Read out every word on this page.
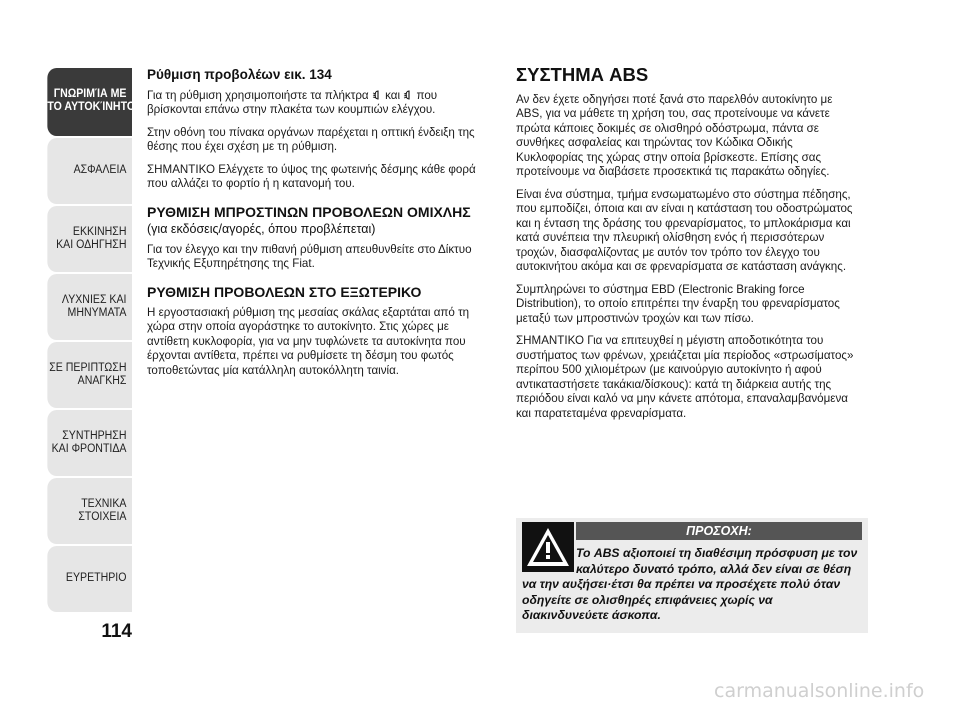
ΓΝΩΡΙΜΊΑ ΜΕ
ΤΟ ΑΥΤΟΚΊΝΗΤΟ
ΑΣΦΑΛΕΙΑ
ΕΚΚΙΝΗΣΗ
ΚΑΙ ΟΔΗΓΗΣΗ
ΛΥΧΝΙΕΣ ΚΑΙ
ΜΗΝΥΜΑΤΑ
ΣΕ ΠΕΡΙΠΤΩΣΗ
ΑΝΑΓΚΗΣ
ΣΥΝΤΗΡΗΣΗ
ΚΑΙ ΦΡΟΝΤΙΔΑ
ΤΕΧΝΙΚΑ
ΣΤΟΙΧΕΙΑ
ΕΥΡΕΤΗΡΙΟ
114
Ρύθμιση προβολέων εικ. 134

Για τη ρύθμιση χρησιμοποιήστε τα πλήκτρα και που βρίσκονται επάνω στην πλακέτα των κουμπιών ελέγχου.

Στην οθόνη του πίνακα οργάνων παρέχεται η οπτική ένδειξη της θέσης που έχει σχέση με τη ρύθμιση.

ΣΗΜΑΝΤΙΚΟ Ελέγχετε το ύψος της φωτεινής δέσμης κάθε φορά που αλλάζει το φορτίο ή η κατανομή του.

ΡΥΘΜΙΣΗ ΜΠΡΟΣΤΙΝΩΝ ΠΡΟΒΟΛΕΩΝ ΟΜΙΧΛΗΣ (για εκδόσεις/αγορές, όπου προβλέπεται)

Για τον έλεγχο και την πιθανή ρύθμιση απευθυνθείτε στο Δίκτυο Τεχνικής Εξυπηρέτησης της Fiat.

ΡΥΘΜΙΣΗ ΠΡΟΒΟΛΕΩΝ ΣΤΟ ΕΞΩΤΕΡΙΚΟ

Η εργοστασιακή ρύθμιση της μεσαίας σκάλας εξαρτάται από τη χώρα στην οποία αγοράστηκε το αυτοκίνητο. Στις χώρες με αντίθετη κυκλοφορία, για να μην τυφλώνετε τα αυτοκίνητα που έρχονται αντίθετα, πρέπει να ρυθμίσετε τη δέσμη του φωτός τοποθετώντας μία κατάλληλη αυτοκόλλητη ταινία.

ΣΥΣΤΗΜΑ ABS

Αν δεν έχετε οδηγήσει ποτέ ξανά στο παρελθόν αυτοκίνητο με ABS, για να μάθετε τη χρήση του, σας προτείνουμε να κάνετε πρώτα κάποιες δοκιμές σε ολισθηρό οδόστρωμα, πάντα σε συνθήκες ασφαλείας και τηρώντας τον Κώδικα Οδικής Κυκλοφορίας της χώρας στην οποία βρίσκεστε. Επίσης σας προτείνουμε να διαβάσετε προσεκτικά τις παρακάτω οδηγίες.

Είναι ένα σύστημα, τμήμα ενσωματωμένο στο σύστημα πέδησης, που εμποδίζει, όποια και αν είναι η κατάσταση του οδοστρώματος και η ένταση της δράσης του φρεναρίσματος, το μπλοκάρισμα και κατά συνέπεια την πλευρική ολίσθηση ενός ή περισσότερων τροχών, διασφαλίζοντας με αυτόν τον τρόπο τον έλεγχο του αυτοκινήτου ακόμα και σε φρεναρίσματα σε κατάσταση ανάγκης.

Συμπληρώνει το σύστημα EBD (Electronic Braking force Distribution), το οποίο επιτρέπει την έναρξη του φρεναρίσματος μεταξύ των μπροστινών τροχών και των πίσω.

ΣΗΜΑΝΤΙΚΟ Για να επιτευχθεί η μέγιστη αποδοτικότητα του συστήματος των φρένων, χρειάζεται μία περίοδος «στρωσίματος» περίπου 500 χιλιομέτρων (με καινούργιο αυτοκίνητο ή αφού αντικαταστήσετε τακάκια/δίσκους): κατά τη διάρκεια αυτής της περιόδου είναι καλό να μην κάνετε απότομα, επαναλαμβανόμενα και παρατεταμένα φρεναρίσματα.

ΠΡΟΣΟΧΗ:
Το ABS αξιοποιεί τη διαθέσιμη πρόσφυση με τον καλύτερο δυνατό τρόπο, αλλά δεν είναι σε θέση
να την αυξήσει·έτσι θα πρέπει να προσέχετε πολύ όταν οδηγείτε σε ολισθηρές επιφάνειες χωρίς να διακινδυνεύετε άσκοπα.
carmanualsonline.info
